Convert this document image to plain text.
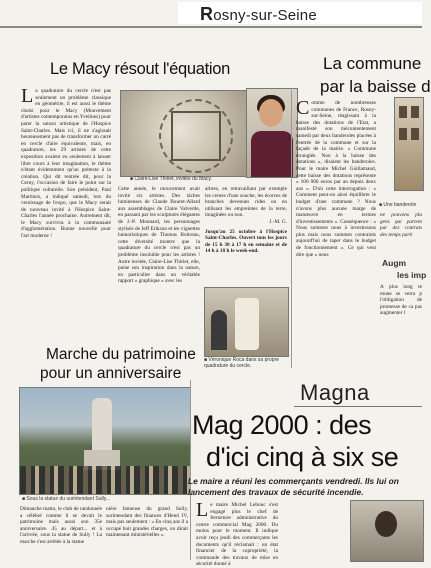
Rosny-sur-Seine
Le Macy résout l'équation
La quadrature du cercle n'est pas seulement un problème classique en géométrie, il est aussi le thème choisi pour le Macy (Mouvement d'artistes contemporains en Yvelines) pour parer la saison artistique de l'Hospice Saint-Charles. Mais ici, il ne s'agissait heureusement pas de transformer un carré en cercle d'aire équivalente, mais, en quadrature, les 29 artistes de cette exposition avaient eu seulement à laisser libre cours à leur imagination, le thème n'étant évidemment qu'un prétexte à la création. Qui dit rentrée dit, pour la Cerny, l'occasion de faire le point sur la politique culturelle. Son président, Paul Martinez, a indiqué samedi, lors du vernissage de l'expo, que le Macy serait de nouveau invité à l'Hospice Saint-Charles l'année prochaine. Autrement dit, le Macy survivra à la communauté d'agglomération. Bonne nouvelle pour l'art moderne !
■ Claire-Lise Thiriet, invitée du Macy.
Cette année, le mouvement avait invité six artistes. Des tâches lumineuses de Claude Bouret-Allard aux assemblages de Claire Valverde, en passant par les sculptures élégantes de J.-P. Monnard, les personnages stylisés de Jeff Erikson et les vignettes humoristiques de Thomas Boitreau, cette diversité montre que la quadrature du cercle n'est pas un problème insoluble pour les artistes ! Autre invitée, Claire-Lise Thiriet, elle, puise son inspiration dans la nature, en particulier dans un véritable rapport « graphique » avec les
arbres, en retravaillant par exemple les cernes d'une souche, les écorces de branches devenues rides ou en utilisant les empreintes de la terre, imaginées ou non.
J.-M. G.
Jusqu'au 25 octobre à l'Hospice Saint-Charles. Ouvert tous les jours de 15 h 30 à 17 h en semaine et de 14 h à 18 h le week-end.
■ Véronique Roca dans sa propre quadrature du cercle.
La commune
par la baisse d
Comme de nombreuses communes de France, Rosny-sur-Seine, réagissant à la baisse des dotations de l'Etat, a manifesté son mécontentement samedi par deux banderoles placées à l'entrée de la commune et sur la façade de la mairie. « Commune étranglée. Non à la baisse des dotations », disaient les banderoles. Pour le maire Michel Guillamaud, cette baisse des dotations représente « 100 000 euros par an depuis deux ans ». D'où cette interrogation : « Comment peut-on ainsi équilibrer le budget d'une commune ? Nous n'avons plus aucune marge de manœuvre en termes d'investissements ». Conséquence : « Nous sommes nous à investissons plus mais nous sommes contraints aujourd'hui de taper dans le budget de fonctionnement ». Ce qui veut dire que « nous
■ Une banderole
ne pouvons plu gens qui partent par des contrats des temps parti
Augm
les imp
A plus long te mune se verra p l'obligation de promesse de ca pas augmenter l
Marche du patrimoine
pour un anniversaire
■ Sous la statue du surintendant Sully...
Dimanche matin, le club de randonnée a célébré comme il se devait le patrimoine mais aussi son 35e anniversaire. 45 au départ... et à l'arrivée, sous la statue de Sully ! La marche s'est arrêtée à la statue
nière fameuse du grand Sully, surintendant des finances d'Henri IV, mais pas seulement : « En cinq ans il a occupé huit grandes charges, on dirait maintenant ministérielles ».
Magna
Mag 2000 : des
d'ici cinq à six se
Le maire a réuni les commerçants vendredi. Ils lui on lancement des travaux de sécurité incendie.
Le maire Michel Lebouc s'est engagé plus le chef de fermeture administrative du centre commercial Mag 2000. Du moins pour le moment. Il indique avoir reçu jeudi des commerçants les documents qu'il réclamait : un état financier de la copropriété, la commande des travaux de mise en sécurité donné à
